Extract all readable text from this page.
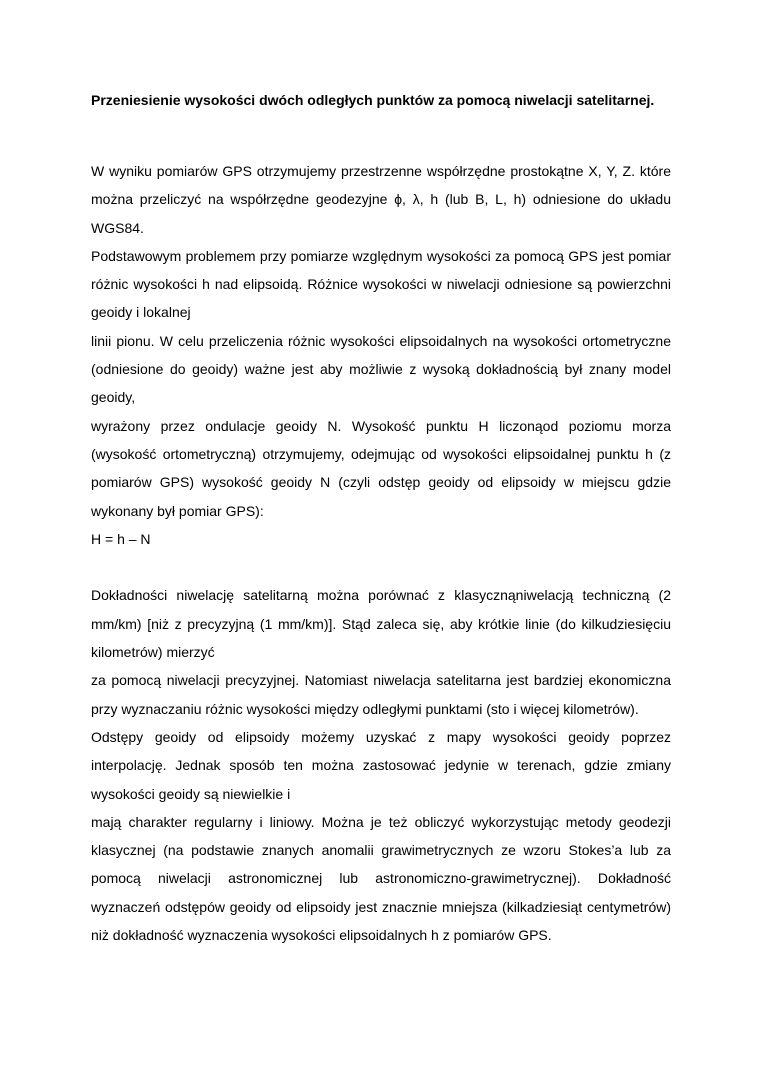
Przeniesienie wysokości dwóch odległych punktów za pomocą niwelacji satelitarnej.

W wyniku pomiarów GPS otrzymujemy przestrzenne współrzędne prostokątne X, Y, Z. które można przeliczyć na współrzędne geodezyjne ϕ, λ, h (lub B, L, h) odniesione do układu WGS84.

Podstawowym problemem przy pomiarze względnym wysokości za pomocą GPS jest pomiar różnic wysokości h nad elipsoidą. Różnice wysokości w niwelacji odniesione są powierzchni geoidy i lokalnej

linii pionu. W celu przeliczenia różnic wysokości elipsoidalnych na wysokości ortometryczne (odniesione do geoidy) ważne jest aby możliwie z wysoką dokładnością był znany model geoidy,

wyrażony przez ondulacje geoidy N. Wysokość punktu H liczonąod poziomu morza (wysokość ortometryczną) otrzymujemy, odejmując od wysokości elipsoidalnej punktu h (z pomiarów GPS) wysokość geoidy N (czyli odstęp geoidy od elipsoidy w miejscu gdzie wykonany był pomiar GPS):

H = h – N

Dokładności niwelację satelitarną można porównać z klasycznąniwelacją techniczną (2 mm/km) [niż z precyzyjną (1 mm/km)]. Stąd zaleca się, aby krótkie linie (do kilkudziesięciu kilometrów) mierzyć

za pomocą niwelacji precyzyjnej. Natomiast niwelacja satelitarna jest bardziej ekonomiczna przy wyznaczaniu różnic wysokości między odległymi punktami (sto i więcej kilometrów).

Odstępy geoidy od elipsoidy możemy uzyskać z mapy wysokości geoidy poprzez interpolację. Jednak sposób ten można zastosować jedynie w terenach, gdzie zmiany wysokości geoidy są niewielkie i

mają charakter regularny i liniowy. Można je też obliczyć wykorzystując metody geodezji klasycznej (na podstawie znanych anomalii grawimetrycznych ze wzoru Stokes’a lub za pomocą niwelacji astronomicznej lub astronomiczno-grawimetrycznej). Dokładność wyznaczeń odstępów geoidy od elipsoidy jest znacznie mniejsza (kilkadziesiąt centymetrów) niż dokładność wyznaczenia wysokości elipsoidalnych h z pomiarów GPS.
